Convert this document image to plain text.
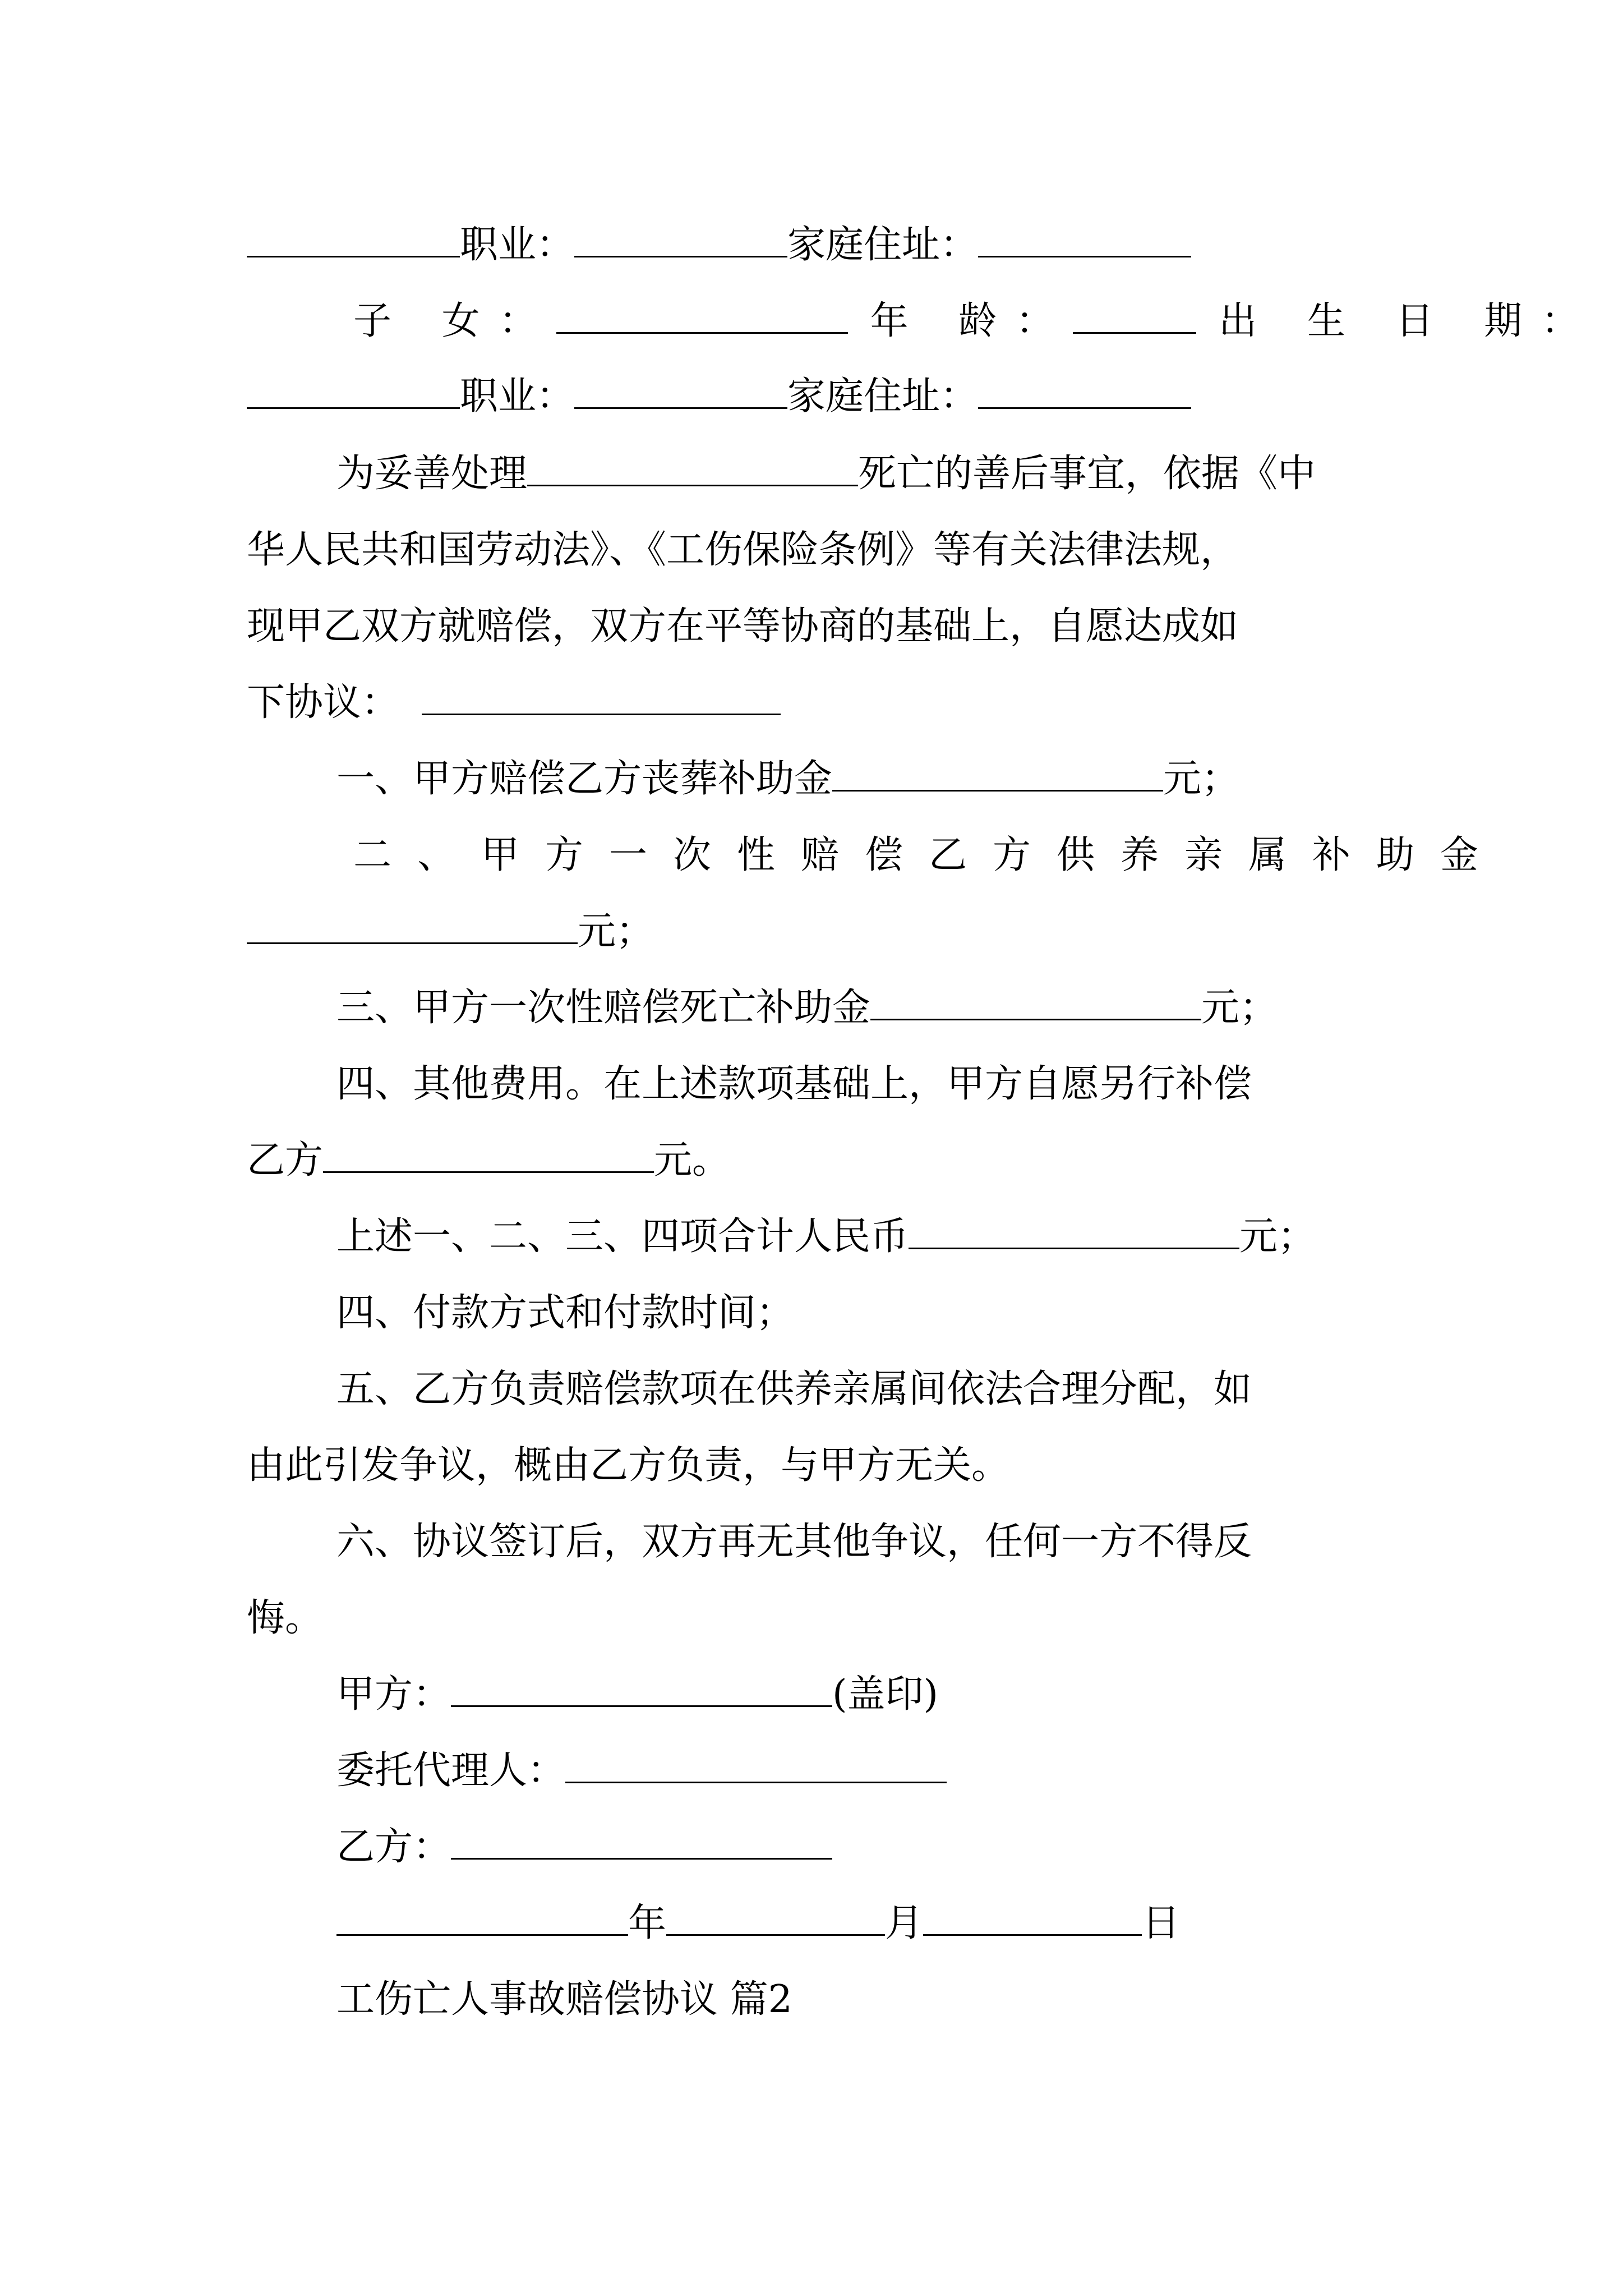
职业：	家庭住址：
子 女：	年 龄：	出 生 日 期：
职业：	家庭住址：
为妥善处理	死亡的善后事宜，依据《中
华人民共和国劳动法》、《工伤保险条例》等有关法律法规，
现甲乙双方就赔偿，双方在平等协商的基础上，自愿达成如
下协议：
一、甲方赔偿乙方丧葬补助金	元；
二、甲方一次性赔偿乙方供养亲属补助金
元；
三、甲方一次性赔偿死亡补助金	元；
四、其他费用。在上述款项基础上，甲方自愿另行补偿
乙方	元。
上述一、二、三、四项合计人民币	元；
四、付款方式和付款时间；
五、乙方负责赔偿款项在供养亲属间依法合理分配，如
由此引发争议，概由乙方负责，与甲方无关。
六、协议签订后，双方再无其他争议，任何一方不得反
悔。
甲方：	(盖印)
委托代理人：
乙方：
年	月	日
工伤亡人事故赔偿协议 篇2
